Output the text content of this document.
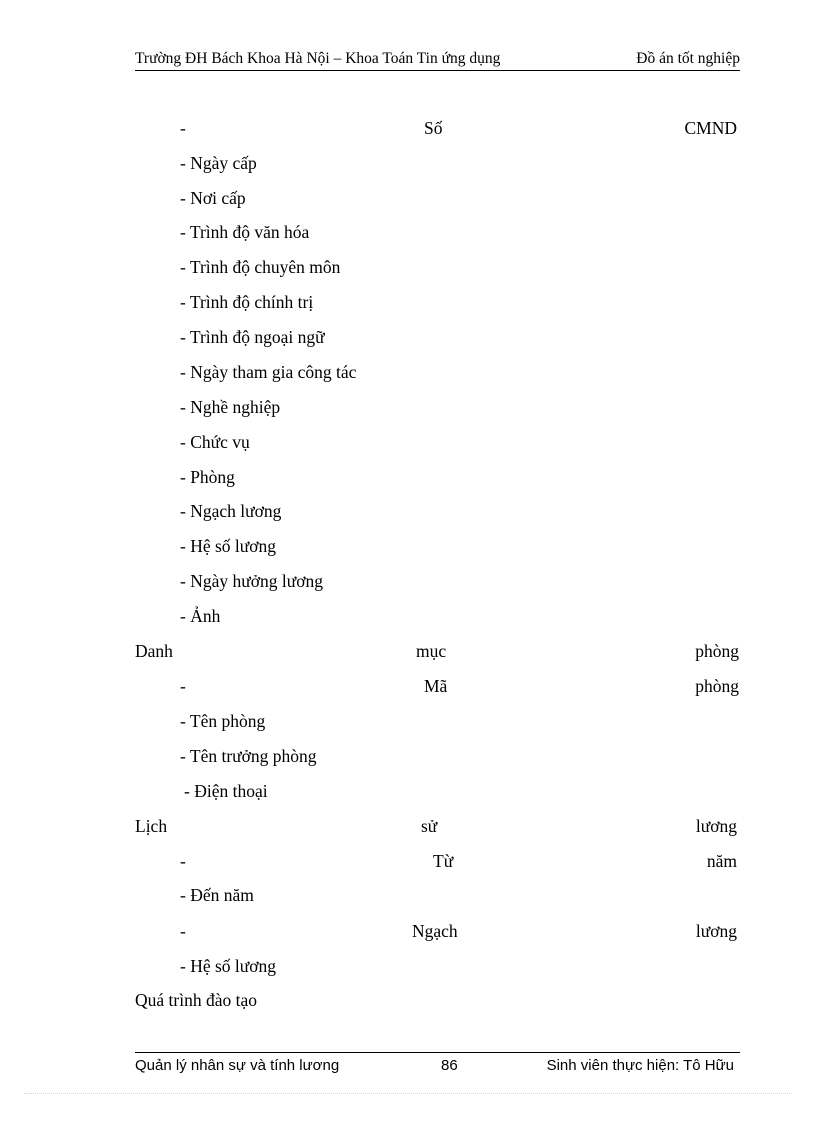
Trường ĐH Bách Khoa Hà Nội – Khoa Toán Tin ứng dụng	Đồ án tốt nghiệp
-	Số	CMND
- Ngày cấp
- Nơi cấp
- Trình độ văn hóa
- Trình độ chuyên môn
- Trình độ chính trị
- Trình độ ngoại ngữ
- Ngày tham gia công tác
- Nghề nghiệp
- Chức vụ
- Phòng
- Ngạch lương
- Hệ số lương
- Ngày hưởng lương
- Ảnh
Danh	mục	phòng
-	Mã	phòng
- Tên phòng
- Tên trưởng phòng
- Điện thoại
Lịch	sử	lương
-	Từ	năm
- Đến năm
-	Ngạch	lương
- Hệ số lương
Quá trình đào tạo
Quản lý nhân sự và tính lương	86	Sinh viên thực hiện: Tô Hữu
